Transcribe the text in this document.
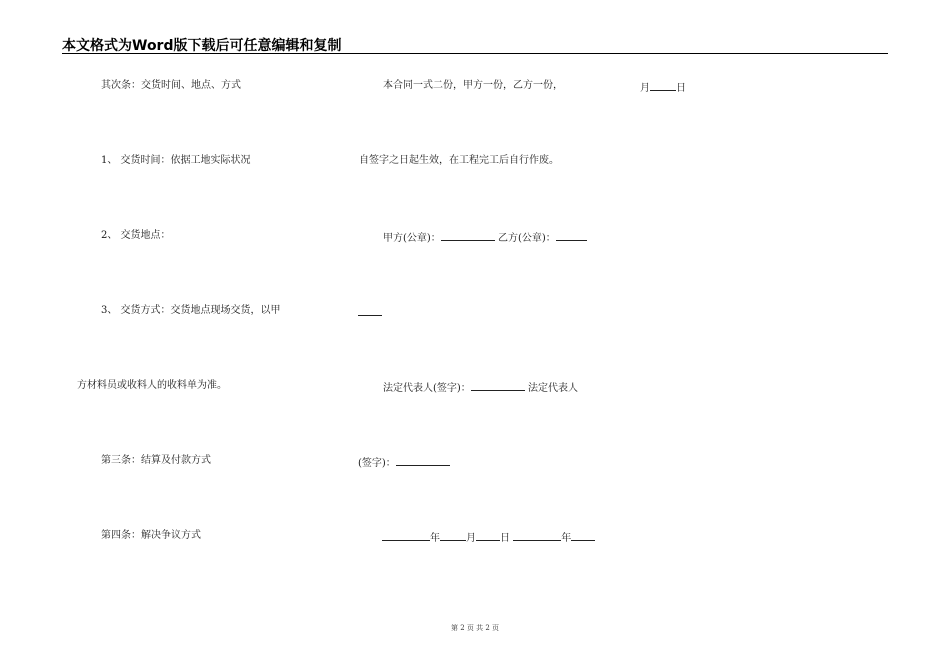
本文格式为Word版下载后可任意编辑和复制
其次条：交货时间、地点、方式
1、 交货时间：依据工地实际状况
2、 交货地点：
3、 交货方式：交货地点现场交货，以甲
方材料员或收料人的收料单为准。
第三条：结算及付款方式
第四条：解决争议方式
本合同一式二份，甲方一份，乙方一份，	月	日
自签字之日起生效，在工程完工后自行作废。
甲方(公章)：	乙方(公章)：
法定代表人(签字)：	法定代表人
(签字)：
年	月 日	年
第 2 页 共 2 页
